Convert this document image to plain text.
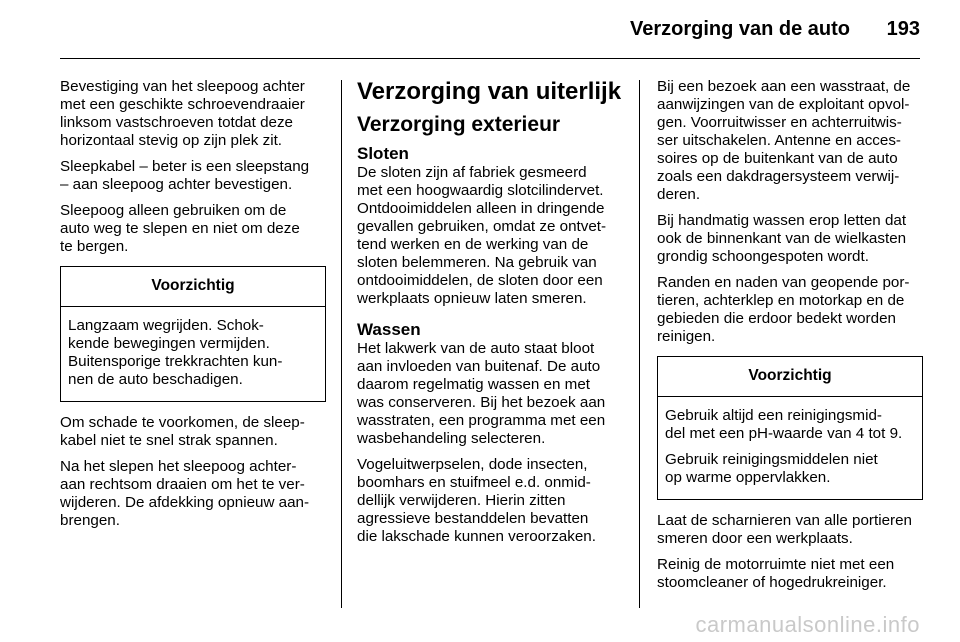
Verzorging van de auto	193

Bevestiging van het sleepoog achter
met een geschikte schroevendraaier
linksom vastschroeven totdat deze
horizontaal stevig op zijn plek zit.

Sleepkabel – beter is een sleepstang
– aan sleepoog achter bevestigen.

Sleepoog alleen gebruiken om de
auto weg te slepen en niet om deze
te bergen.

Voorzichtig

Langzaam wegrijden. Schok-
kende bewegingen vermijden.
Buitensporige trekkrachten kun-
nen de auto beschadigen.

Om schade te voorkomen, de sleep-
kabel niet te snel strak spannen.

Na het slepen het sleepoog achter-
aan rechtsom draaien om het te ver-
wijderen. De afdekking opnieuw aan-
brengen.

Verzorging van uiterlijk
Verzorging exterieur
Sloten

De sloten zijn af fabriek gesmeerd
met een hoogwaardig slotcilindervet.
Ontdooimiddelen alleen in dringende
gevallen gebruiken, omdat ze ontvet-
tend werken en de werking van de
sloten belemmeren. Na gebruik van
ontdooimiddelen, de sloten door een
werkplaats opnieuw laten smeren.

Wassen

Het lakwerk van de auto staat bloot
aan invloeden van buitenaf. De auto
daarom regelmatig wassen en met
was conserveren. Bij het bezoek aan
wasstraten, een programma met een
wasbehandeling selecteren.

Vogeluitwerpselen, dode insecten,
boomhars en stuifmeel e.d. onmid-
dellijk verwijderen. Hierin zitten
agressieve bestanddelen bevatten
die lakschade kunnen veroorzaken.

Bij een bezoek aan een wasstraat, de
aanwijzingen van de exploitant opvol-
gen. Voorruitwisser en achterruitwis-
ser uitschakelen. Antenne en acces-
soires op de buitenkant van de auto
zoals een dakdragersysteem verwij-
deren.

Bij handmatig wassen erop letten dat
ook de binnenkant van de wielkasten
grondig schoongespoten wordt.

Randen en naden van geopende por-
tieren, achterklep en motorkap en de
gebieden die erdoor bedekt worden
reinigen.

Voorzichtig

Gebruik altijd een reinigingsmid-
del met een pH-waarde van 4 tot 9.

Gebruik reinigingsmiddelen niet
op warme oppervlakken.

Laat de scharnieren van alle portieren
smeren door een werkplaats.

Reinig de motorruimte niet met een
stoomcleaner of hogedrukreiniger.

carmanualsonline.info
